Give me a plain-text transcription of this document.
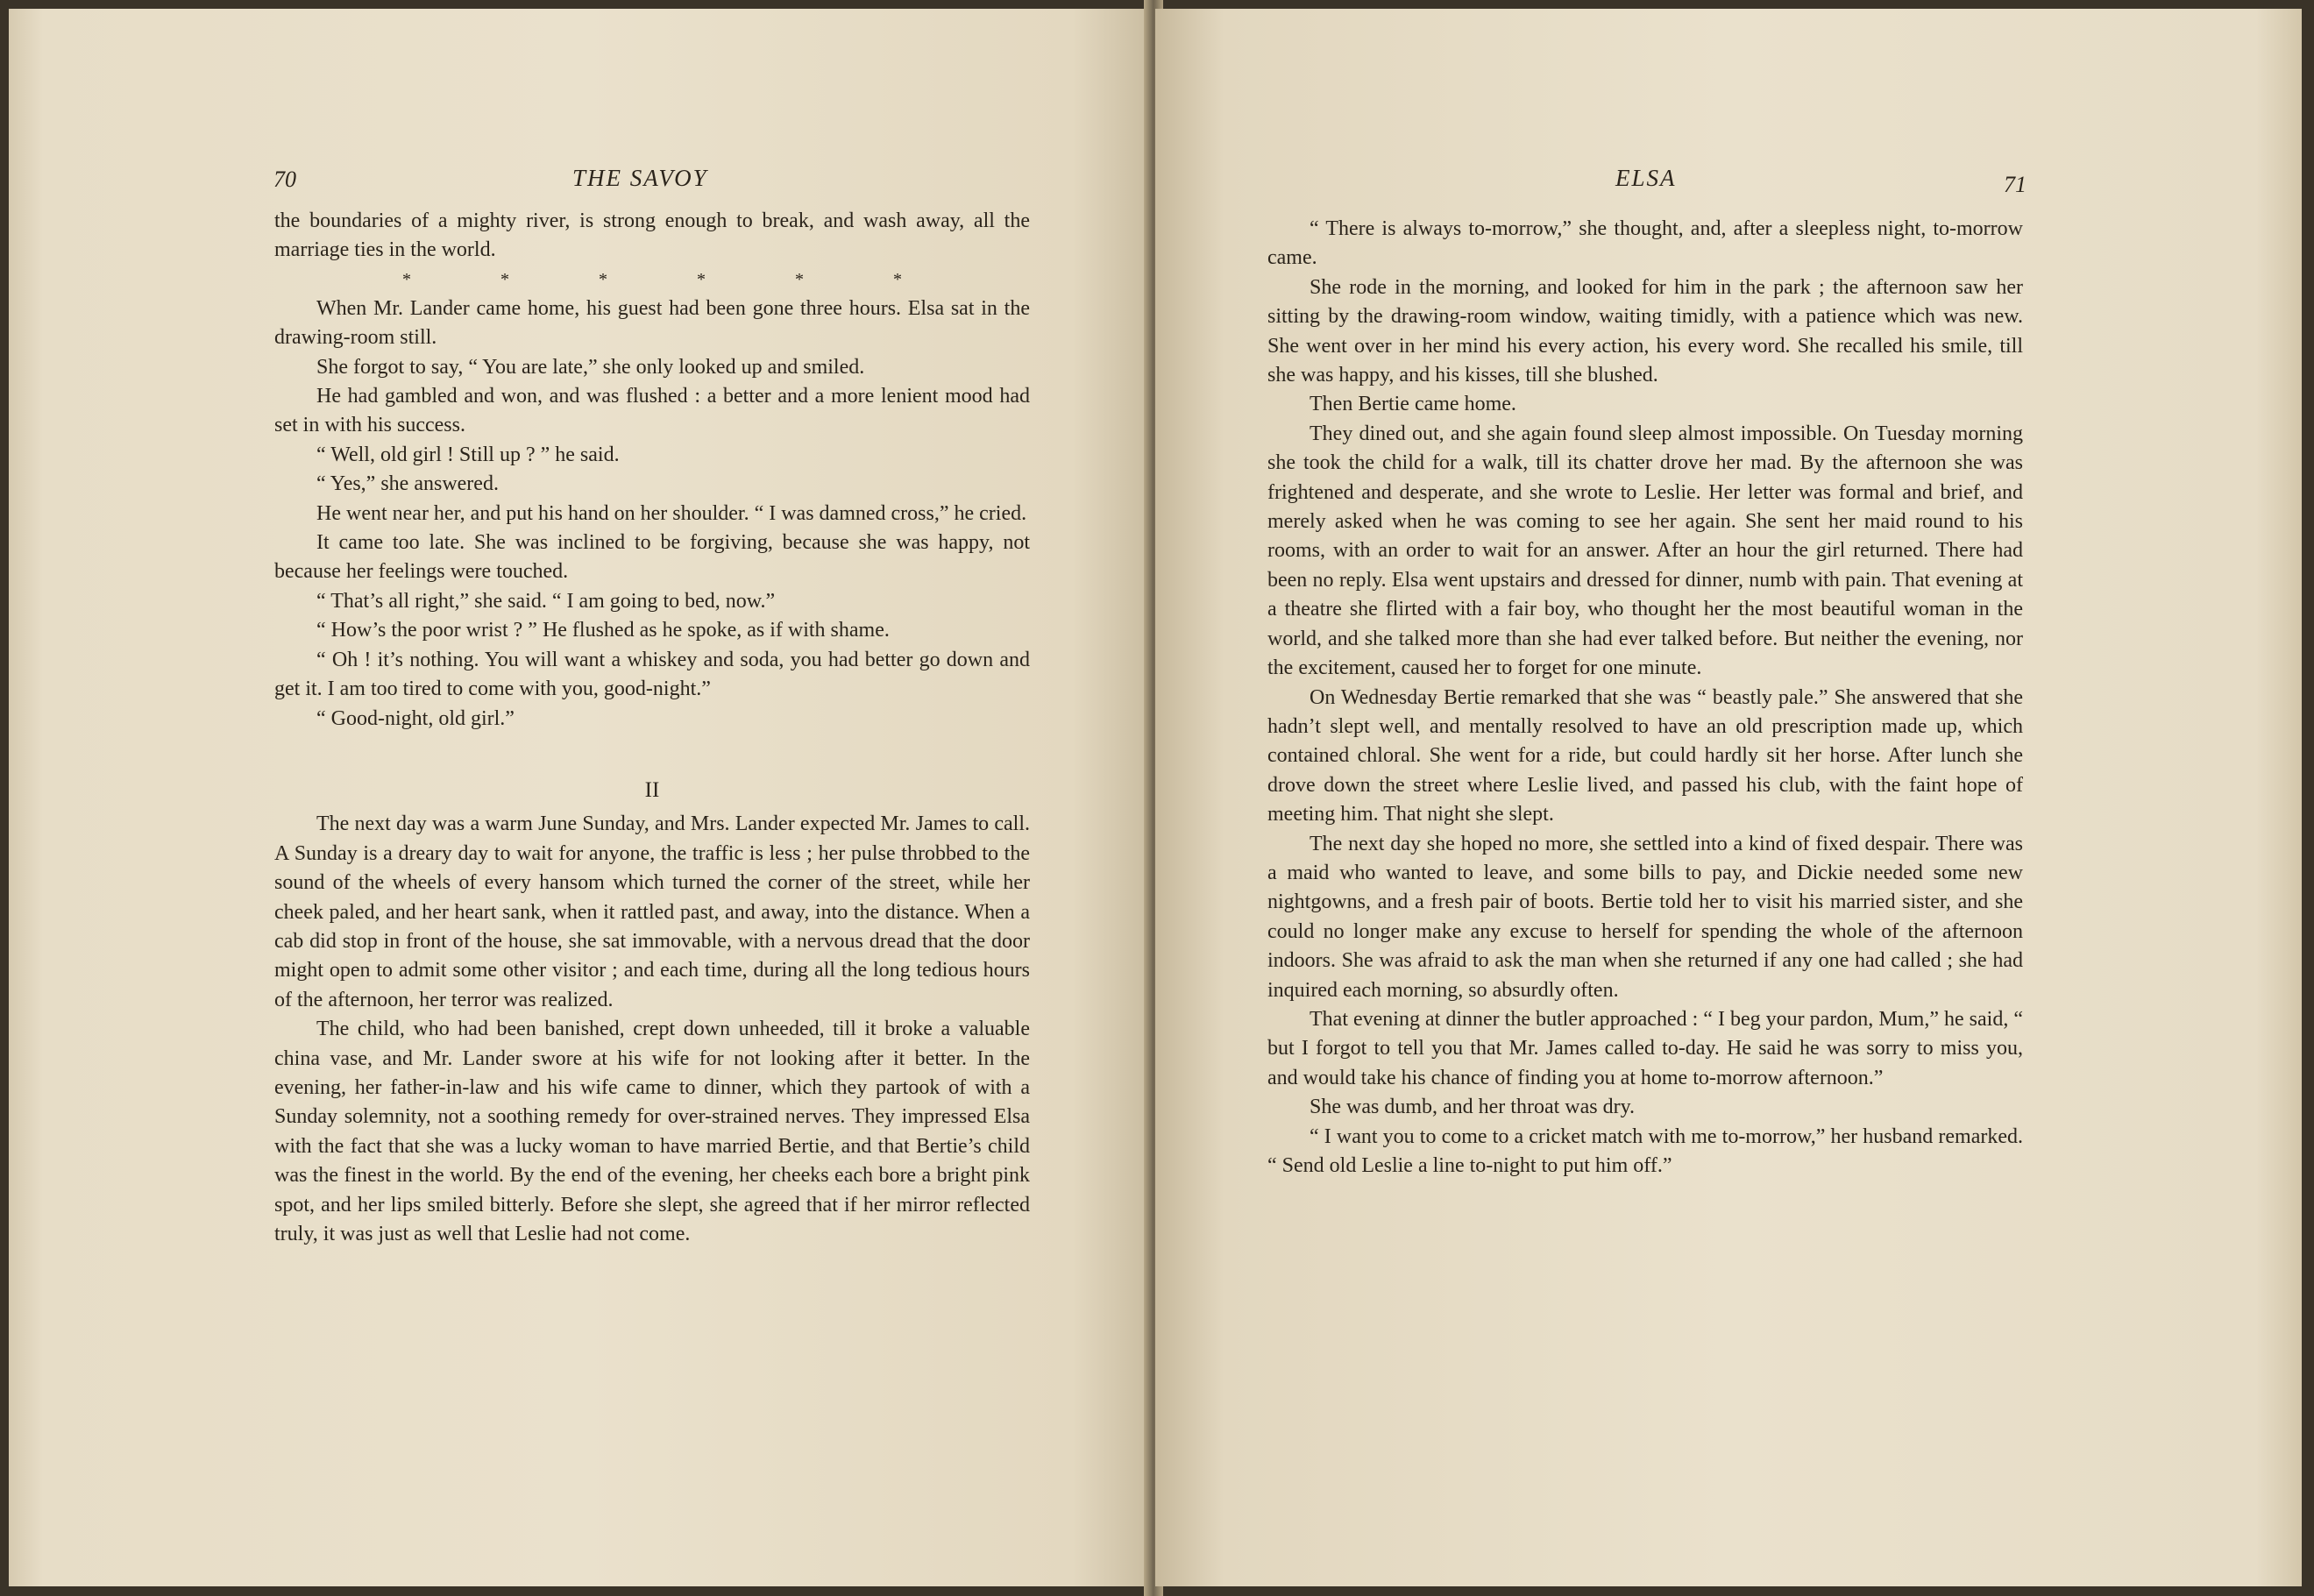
70	THE SAVOY

the boundaries of a mighty river, is strong enough to break, and wash away, all the marriage ties in the world.

*	*	*	*	*	*

When Mr. Lander came home, his guest had been gone three hours. Elsa sat in the drawing-room still.

She forgot to say, “ You are late,” she only looked up and smiled.

He had gambled and won, and was flushed : a better and a more lenient mood had set in with his success.

“ Well, old girl ! Still up ? ” he said.

“ Yes,” she answered.

He went near her, and put his hand on her shoulder. “ I was damned cross,” he cried.

It came too late. She was inclined to be forgiving, because she was happy, not because her feelings were touched.

“ That’s all right,” she said. “ I am going to bed, now.”

“ How’s the poor wrist ? ” He flushed as he spoke, as if with shame.

“ Oh ! it’s nothing. You will want a whiskey and soda, you had better go down and get it. I am too tired to come with you, good-night.”

“ Good-night, old girl.”

II

The next day was a warm June Sunday, and Mrs. Lander expected Mr. James to call. A Sunday is a dreary day to wait for anyone, the traffic is less ; her pulse throbbed to the sound of the wheels of every hansom which turned the corner of the street, while her cheek paled, and her heart sank, when it rattled past, and away, into the distance. When a cab did stop in front of the house, she sat immovable, with a nervous dread that the door might open to admit some other visitor ; and each time, during all the long tedious hours of the afternoon, her terror was realized.

The child, who had been banished, crept down unheeded, till it broke a valuable china vase, and Mr. Lander swore at his wife for not looking after it better. In the evening, her father-in-law and his wife came to dinner, which they partook of with a Sunday solemnity, not a soothing remedy for over-strained nerves. They impressed Elsa with the fact that she was a lucky woman to have married Bertie, and that Bertie’s child was the finest in the world. By the end of the evening, her cheeks each bore a bright pink spot, and her lips smiled bitterly. Before she slept, she agreed that if her mirror reflected truly, it was just as well that Leslie had not come.

ELSA	71

“ There is always to-morrow,” she thought, and, after a sleepless night, to-morrow came.

She rode in the morning, and looked for him in the park ; the afternoon saw her sitting by the drawing-room window, waiting timidly, with a patience which was new. She went over in her mind his every action, his every word. She recalled his smile, till she was happy, and his kisses, till she blushed.

Then Bertie came home.

They dined out, and she again found sleep almost impossible. On Tuesday morning she took the child for a walk, till its chatter drove her mad. By the afternoon she was frightened and desperate, and she wrote to Leslie. Her letter was formal and brief, and merely asked when he was coming to see her again. She sent her maid round to his rooms, with an order to wait for an answer. After an hour the girl returned. There had been no reply. Elsa went upstairs and dressed for dinner, numb with pain. That evening at a theatre she flirted with a fair boy, who thought her the most beautiful woman in the world, and she talked more than she had ever talked before. But neither the evening, nor the excitement, caused her to forget for one minute.

On Wednesday Bertie remarked that she was “ beastly pale.” She answered that she hadn’t slept well, and mentally resolved to have an old prescription made up, which contained chloral. She went for a ride, but could hardly sit her horse. After lunch she drove down the street where Leslie lived, and passed his club, with the faint hope of meeting him. That night she slept.

The next day she hoped no more, she settled into a kind of fixed despair. There was a maid who wanted to leave, and some bills to pay, and Dickie needed some new nightgowns, and a fresh pair of boots. Bertie told her to visit his married sister, and she could no longer make any excuse to herself for spending the whole of the afternoon indoors. She was afraid to ask the man when she returned if any one had called ; she had inquired each morning, so absurdly often.

That evening at dinner the butler approached : “ I beg your pardon, Mum,” he said, “ but I forgot to tell you that Mr. James called to-day. He said he was sorry to miss you, and would take his chance of finding you at home to-morrow afternoon.”

She was dumb, and her throat was dry.

“ I want you to come to a cricket match with me to-morrow,” her husband remarked. “ Send old Leslie a line to-night to put him off.”
